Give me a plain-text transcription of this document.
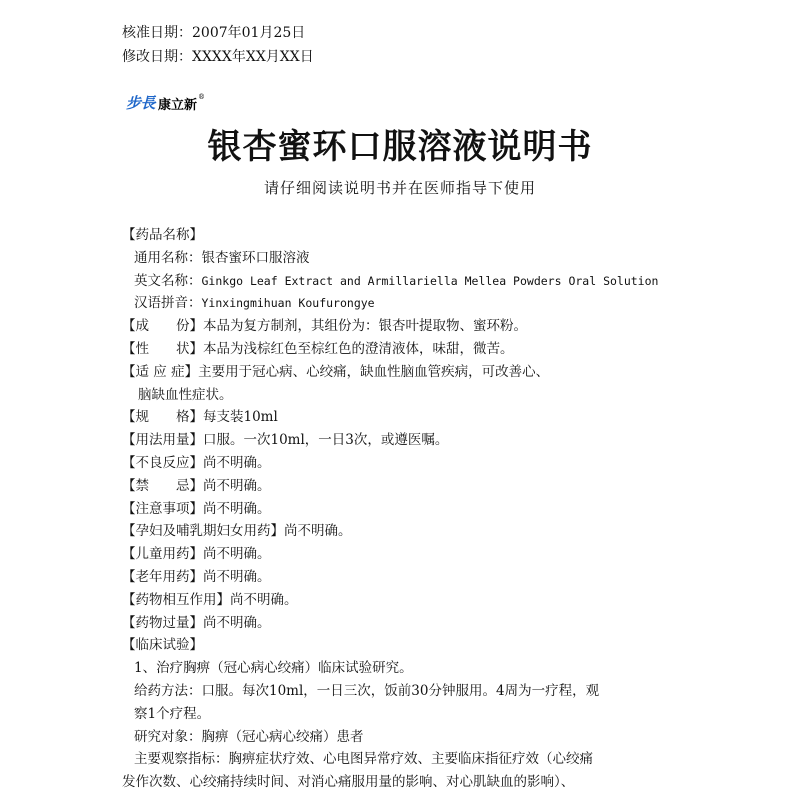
核准日期：2007年01月25日
修改日期：XXXX年XX月XX日
步長 康立新
®
银杏蜜环口服溶液说明书
请仔细阅读说明书并在医师指导下使用
【药品名称】
通用名称：银杏蜜环口服溶液
英文名称：Ginkgo Leaf Extract and Armillariella Mellea Powders Oral Solution
汉语拼音：Yinxingmihuan Koufurongye
【成　　份】本品为复方制剂，其组份为：银杏叶提取物、蜜环粉。
【性　　状】本品为浅棕红色至棕红色的澄清液体，味甜，微苦。
【适 应 症】主要用于冠心病、心绞痛，缺血性脑血管疾病，可改善心、
脑缺血性症状。
【规　　格】每支装10ml
【用法用量】口服。一次10ml，一日3次，或遵医嘱。
【不良反应】尚不明确。
【禁　　忌】尚不明确。
【注意事项】尚不明确。
【孕妇及哺乳期妇女用药】尚不明确。
【儿童用药】尚不明确。
【老年用药】尚不明确。
【药物相互作用】尚不明确。
【药物过量】尚不明确。
【临床试验】
1、治疗胸痹（冠心病心绞痛）临床试验研究。
给药方法：口服。每次10ml，一日三次，饭前30分钟服用。4周为一疗程，观
察1个疗程。
研究对象：胸痹（冠心病心绞痛）患者
主要观察指标：胸痹症状疗效、心电图异常疗效、主要临床指征疗效（心绞痛
发作次数、心绞痛持续时间、对消心痛服用量的影响、对心肌缺血的影响）、
